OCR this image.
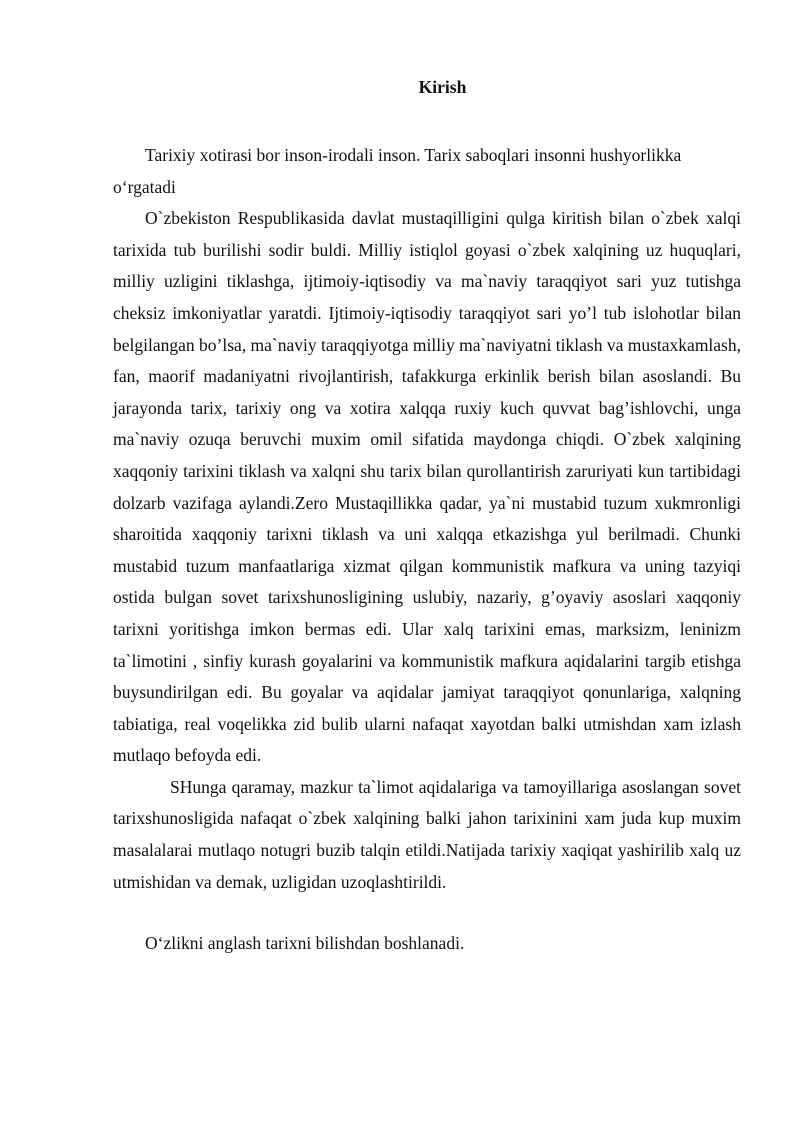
Kirish

Tarixiy xotirasi bor inson-irodali inson. Tarix saboqlari insonni hushyorlikka o‘rgatadi

O`zbekiston Respublikasida davlat mustaqilligini qulga kiritish bilan o`zbek xalqi tarixida tub burilishi sodir buldi. Milliy istiqlol goyasi o`zbek xalqining uz huquqlari, milliy uzligini tiklashga, ijtimoiy-iqtisodiy va ma`naviy taraqqiyot sari yuz tutishga cheksiz imkoniyatlar yaratdi. Ijtimoiy-iqtisodiy taraqqiyot sari yo’l tub islohotlar bilan belgilangan bo’lsa, ma`naviy taraqqiyotga milliy ma`naviyatni tiklash va mustaxkamlash, fan, maorif madaniyatni rivojlantirish, tafakkurga erkinlik berish bilan asoslandi. Bu jarayonda tarix, tarixiy ong va xotira xalqqa ruxiy kuch quvvat bag’ishlovchi, unga ma`naviy ozuqa beruvchi muxim omil sifatida maydonga chiqdi. O`zbek xalqining xaqqoniy tarixini tiklash va xalqni shu tarix bilan qurollantirish zaruriyati kun tartibidagi dolzarb vazifaga aylandi.Zero Mustaqillikka qadar, ya`ni mustabid tuzum xukmronligi sharoitida xaqqoniy tarixni tiklash va uni xalqqa etkazishga yul berilmadi. Chunki mustabid tuzum manfaatlariga xizmat qilgan kommunistik mafkura va uning tazyiqi ostida bulgan sovet tarixshunosligining uslubiy, nazariy, g’oyaviy asoslari xaqqoniy tarixni yoritishga imkon bermas edi. Ular xalq tarixini emas, marksizm, leninizm ta`limotini , sinfiy kurash goyalarini va kommunistik mafkura aqidalarini targib etishga buysundirilgan edi. Bu goyalar va aqidalar jamiyat taraqqiyot qonunlariga, xalqning tabiatiga, real voqelikka zid bulib ularni nafaqat xayotdan balki utmishdan xam izlash mutlaqo befoyda edi.

SHunga qaramay, mazkur ta`limot aqidalariga va tamoyillariga asoslangan sovet tarixshunosligida nafaqat o`zbek xalqining balki jahon tarixinini xam juda kup muxim masalalarai mutlaqo notugri buzib talqin etildi.Natijada tarixiy xaqiqat yashirilib xalq uz utmishidan va demak, uzligidan uzoqlashtirildi.

O‘zlikni anglash tarixni bilishdan boshlanadi.
